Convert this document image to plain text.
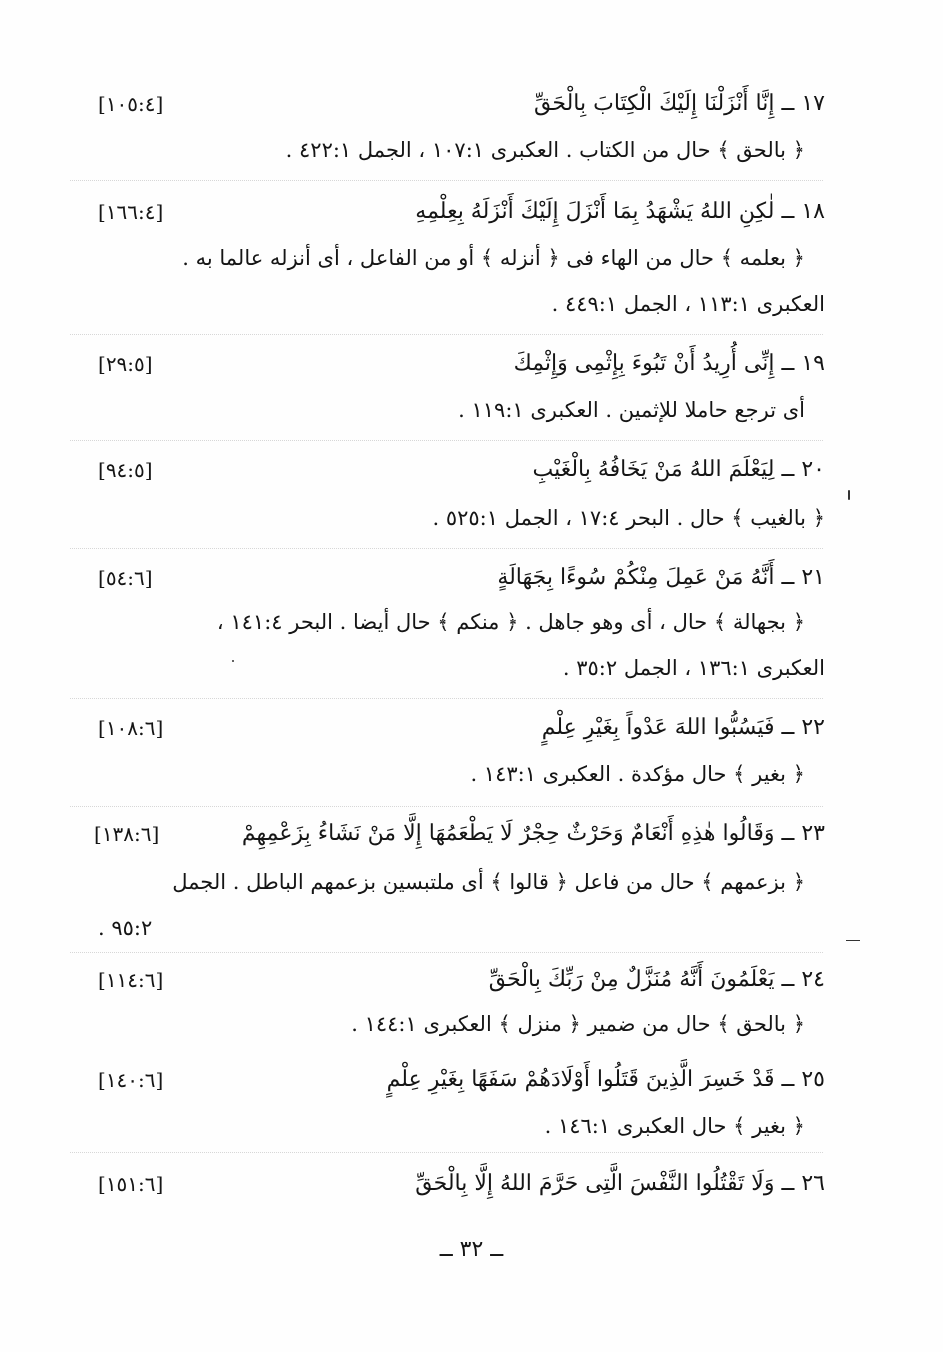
١٧ ــ إِنَّا أَنْزَلْنَا إِلَيْكَ الْكِتَابَ بِالْحَقِّ
[١٠٥:٤]
﴿ بالحق ﴾ حال من الكتاب . العكبرى ١٠٧:١ ، الجمل ٤٢٢:١ .
١٨ ــ لٰكِنِ اللهُ يَشْهَدُ بِمَا أَنْزَلَ إِلَيْكَ أَنْزَلَهُ بِعِلْمِهِ
[١٦٦:٤]
﴿ بعلمه ﴾ حال من الهاء فى ﴿ أنزله ﴾ أو من الفاعل ، أى أنزله عالما به .
العكبرى ١١٣:١ ، الجمل ٤٤٩:١ .
١٩ ــ إِنِّى أُرِيدُ أَنْ تَبُوءَ بِإِثْمِى وَإِثْمِكَ
[٢٩:٥]
أى ترجع حاملا للإثمين . العكبرى ١١٩:١ .
٢٠ ــ لِيَعْلَمَ اللهُ مَنْ يَخَافُهُ بِالْغَيْبِ
[٩٤:٥]
﴿ بالغيب ﴾ حال . البحر ١٧:٤ ، الجمل ٥٢٥:١ .
٢١ ــ أَنَّهُ مَنْ عَمِلَ مِنْكُمْ سُوءًا بِجَهَالَةٍ
[٥٤:٦]
﴿ بجهالة ﴾ حال ، أى وهو جاهل . ﴿ منكم ﴾ حال أيضا . البحر ١٤١:٤ ،
العكبرى ١٣٦:١ ، الجمل ٣٥:٢ .
٢٢ ــ فَيَسُبُّوا اللهَ عَدْواً بِغَيْرِ عِلْمٍ
[١٠٨:٦]
﴿ بغير ﴾ حال مؤكدة . العكبرى ١٤٣:١ .
٢٣ ــ وَقَالُوا هٰذِهِ أَنْعَامٌ وَحَرْثٌ حِجْرٌ لَا يَطْعَمُهَا إِلَّا مَنْ نَشَاءُ بِزَعْمِهِمْ
[١٣٨:٦]
﴿ بزعمهم ﴾ حال من فاعل ﴿ قالوا ﴾ أى ملتبسين بزعمهم الباطل . الجمل
٩٥:٢ .
٢٤ ــ يَعْلَمُونَ أَنَّهُ مُنَزَّلٌ مِنْ رَبِّكَ بِالْحَقِّ
[١١٤:٦]
﴿ بالحق ﴾ حال من ضمير ﴿ منزل ﴾ العكبرى ١٤٤:١ .
٢٥ ــ قَدْ خَسِرَ الَّذِينَ قَتَلُوا أَوْلَادَهُمْ سَفَهًا بِغَيْرِ عِلْمٍ
[١٤٠:٦]
﴿ بغير ﴾ حال العكبرى ١٤٦:١ .
٢٦ ــ وَلَا تَقْتُلُوا النَّفْسَ الَّتِى حَرَّمَ اللهُ إِلَّا بِالْحَقِّ
[١٥١:٦]
ــ ٣٢ ــ
